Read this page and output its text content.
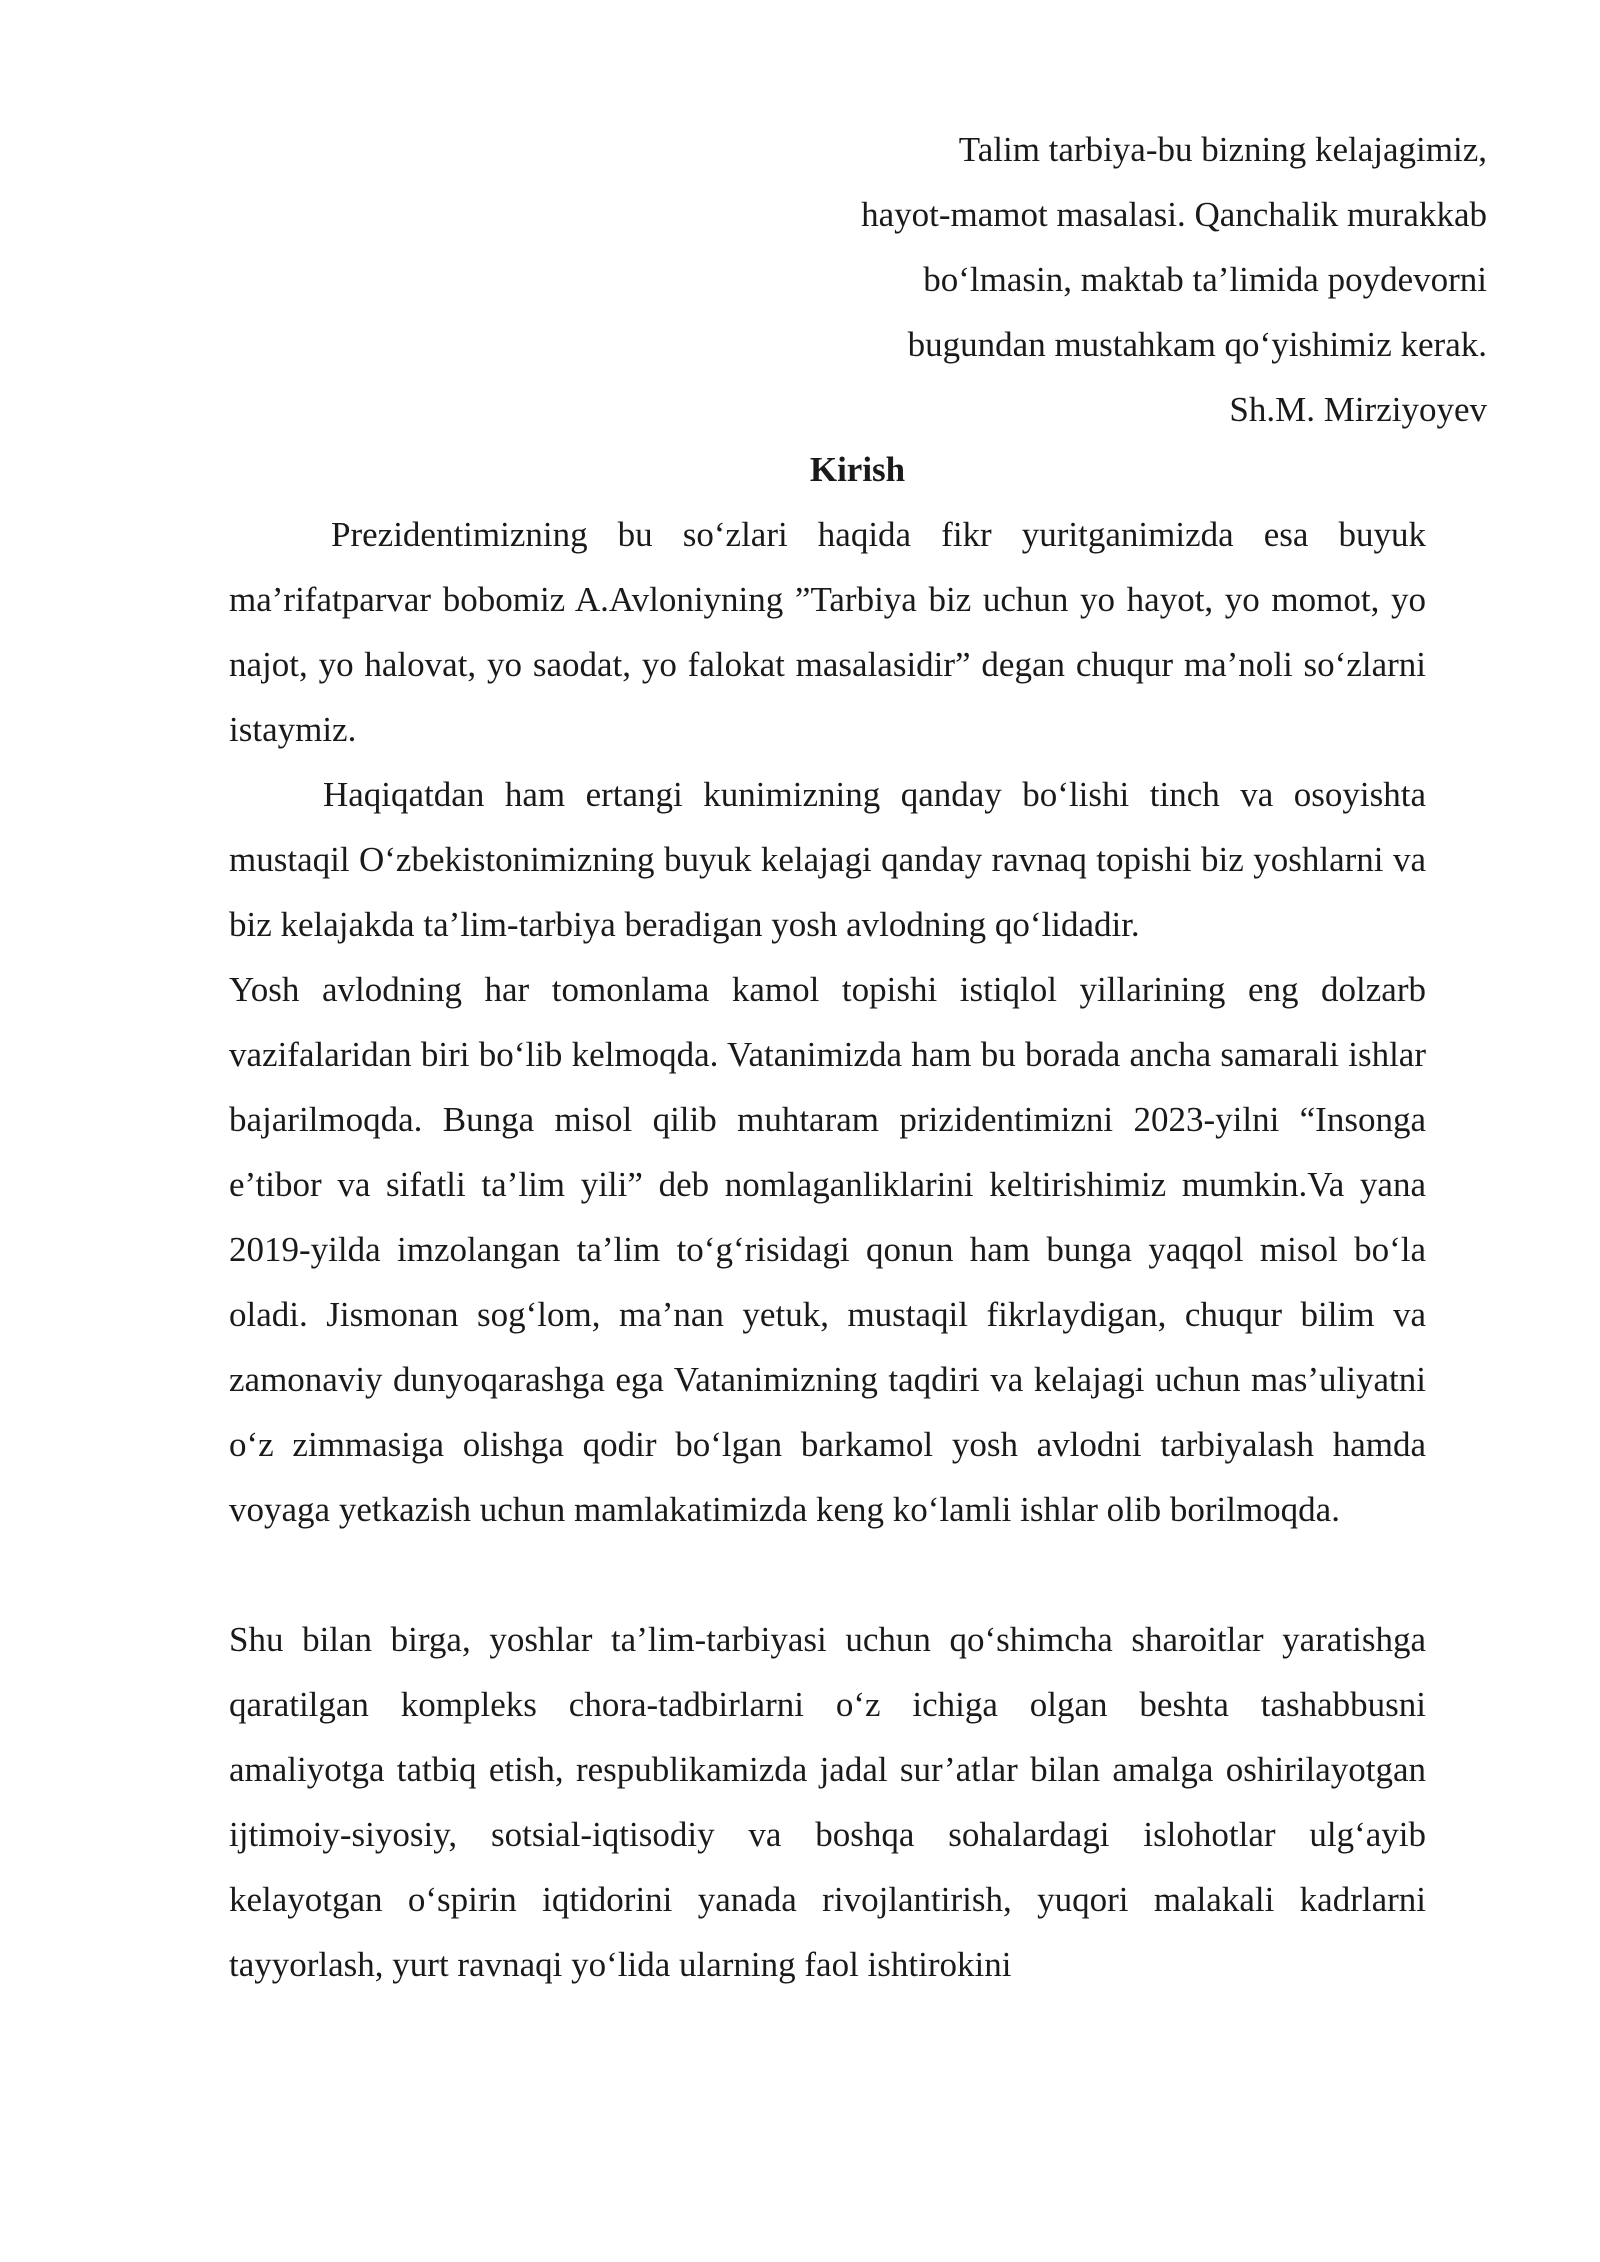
Talim tarbiya-bu bizning kelajagimiz,
hayot-mamot masalasi. Qanchalik murakkab
bo‘lmasin, maktab ta’limida poydevorni
bugundan mustahkam qo‘yishimiz kerak.
Sh.M. Mirziyoyev
Kirish

Prezidentimizning bu so‘zlari haqida fikr yuritganimizda esa buyuk ma’rifatparvar bobomiz A.Avloniyning ”Tarbiya biz uchun yo hayot, yo momot, yo najot, yo halovat, yo saodat, yo falokat masalasidir” degan chuqur ma’noli so‘zlarni istaymiz.

Haqiqatdan ham ertangi kunimizning qanday bo‘lishi tinch va osoyishta mustaqil O‘zbekistonimizning buyuk kelajagi qanday ravnaq topishi biz yoshlarni va biz kelajakda ta’lim-tarbiya beradigan yosh avlodning qo‘lidadir.

Yosh avlodning har tomonlama kamol topishi istiqlol yillarining eng dolzarb vazifalaridan biri bo‘lib kelmoqda. Vatanimizda ham bu borada ancha samarali ishlar bajarilmoqda. Bunga misol qilib muhtaram prizidentimizni 2023-yilni “Insonga e’tibor va sifatli ta’lim yili” deb nomlaganliklarini keltirishimiz mumkin.Va yana 2019-yilda imzolangan ta’lim to‘g‘risidagi qonun ham bunga yaqqol misol bo‘la oladi. Jismonan sog‘lom, ma’nan yetuk, mustaqil fikrlaydigan, chuqur bilim va zamonaviy dunyoqarashga ega Vatanimizning taqdiri va kelajagi uchun mas’uliyatni o‘z zimmasiga olishga qodir bo‘lgan barkamol yosh avlodni tarbiyalash hamda voyaga yetkazish uchun mamlakatimizda keng ko‘lamli ishlar olib borilmoqda.

Shu bilan birga, yoshlar ta’lim-tarbiyasi uchun qo‘shimcha sharoitlar yaratishga qaratilgan kompleks chora-tadbirlarni o‘z ichiga olgan beshta tashabbusni amaliyotga tatbiq etish, respublikamizda jadal sur’atlar bilan amalga oshirilayotgan ijtimoiy-siyosiy, sotsial-iqtisodiy va boshqa sohalardagi islohotlar ulg‘ayib kelayotgan o‘spirin iqtidorini yanada rivojlantirish, yuqori malakali kadrlarni tayyorlash, yurt ravnaqi yo‘lida ularning faol ishtirokini
